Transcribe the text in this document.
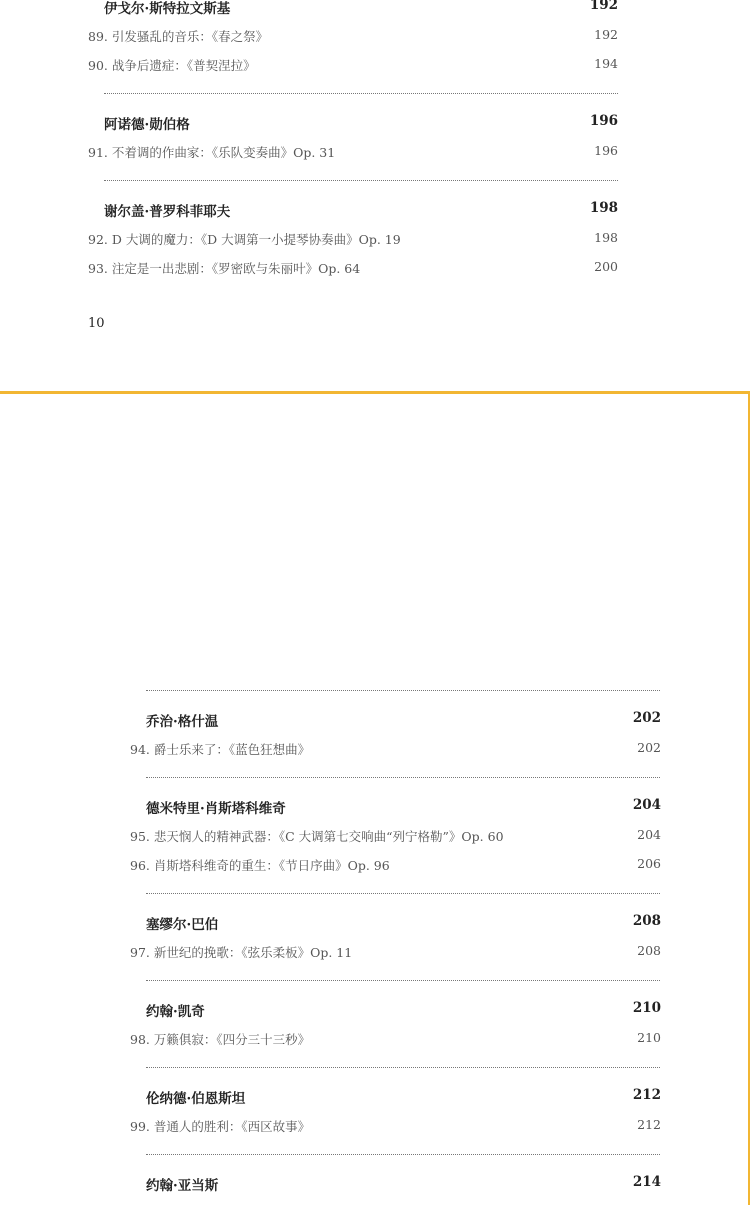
伊戈尔·斯特拉文斯基	192
89. 引发骚乱的音乐：《春之祭》	192
90. 战争后遗症：《普契涅拉》	194
阿诺德·勋伯格	196
91. 不着调的作曲家：《乐队变奏曲》Op. 31	196
谢尔盖·普罗科菲耶夫	198
92. D 大调的魔力：《D 大调第一小提琴协奏曲》Op. 19	198
93. 注定是一出悲剧：《罗密欧与朱丽叶》Op. 64	200
10
乔治·格什温	202
94. 爵士乐来了：《蓝色狂想曲》	202
德米特里·肖斯塔科维奇	204
95. 悲天悯人的精神武器：《C 大调第七交响曲“列宁格勒”》Op. 60	204
96. 肖斯塔科维奇的重生：《节日序曲》Op. 96	206
塞缪尔·巴伯	208
97. 新世纪的挽歌：《弦乐柔板》Op. 11	208
约翰·凯奇	210
98. 万籁俱寂：《四分三十三秒》	210
伦纳德·伯恩斯坦	212
99. 普通人的胜利：《西区故事》	212
约翰·亚当斯	214
